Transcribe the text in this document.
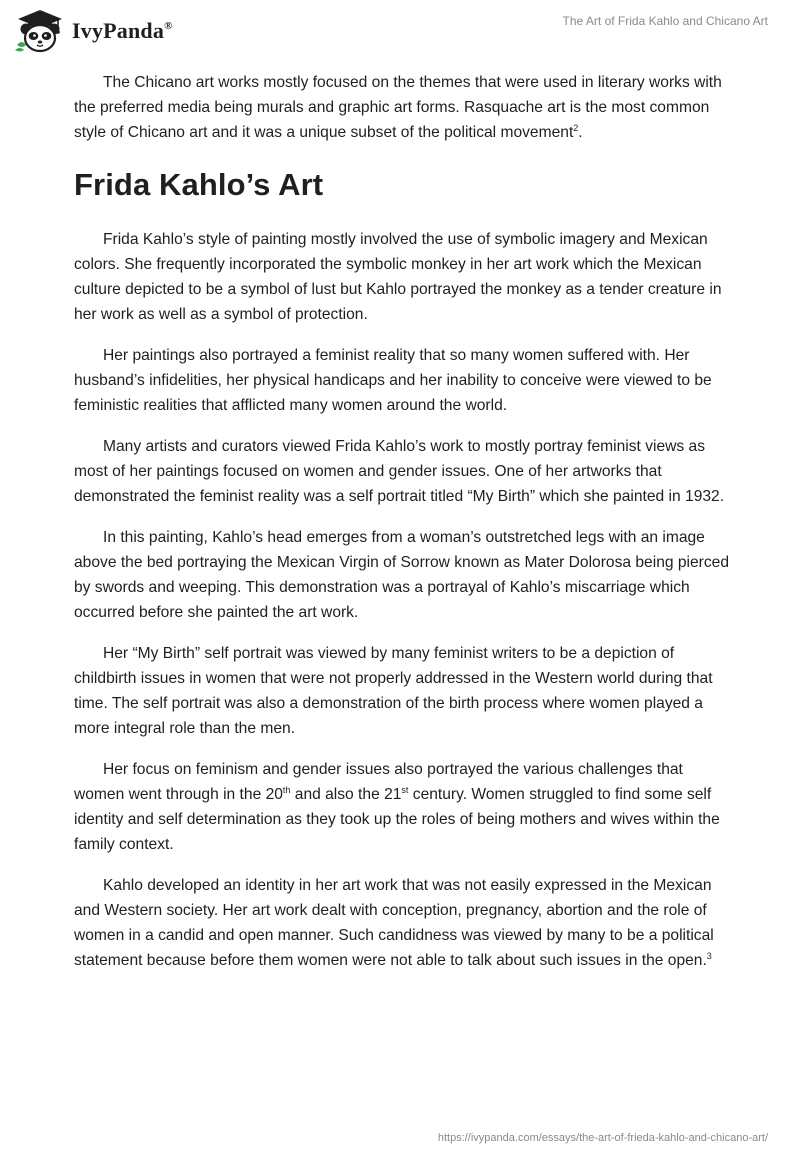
IvyPanda®	The Art of Frida Kahlo and Chicano Art

The Chicano art works mostly focused on the themes that were used in literary works with the preferred media being murals and graphic art forms. Rasquache art is the most common style of Chicano art and it was a unique subset of the political movement$^2$.

Frida Kahlo’s Art

Frida Kahlo’s style of painting mostly involved the use of symbolic imagery and Mexican colors. She frequently incorporated the symbolic monkey in her art work which the Mexican culture depicted to be a symbol of lust but Kahlo portrayed the monkey as a tender creature in her work as well as a symbol of protection.

Her paintings also portrayed a feminist reality that so many women suffered with. Her husband’s infidelities, her physical handicaps and her inability to conceive were viewed to be feministic realities that afflicted many women around the world.

Many artists and curators viewed Frida Kahlo’s work to mostly portray feminist views as most of her paintings focused on women and gender issues. One of her artworks that demonstrated the feminist reality was a self portrait titled “My Birth” which she painted in 1932.

In this painting, Kahlo’s head emerges from a woman’s outstretched legs with an image above the bed portraying the Mexican Virgin of Sorrow known as Mater Dolorosa being pierced by swords and weeping. This demonstration was a portrayal of Kahlo’s miscarriage which occurred before she painted the art work.

Her “My Birth” self portrait was viewed by many feminist writers to be a depiction of childbirth issues in women that were not properly addressed in the Western world during that time. The self portrait was also a demonstration of the birth process where women played a more integral role than the men.

Her focus on feminism and gender issues also portrayed the various challenges that women went through in the 20th and also the 21st century. Women struggled to find some self identity and self determination as they took up the roles of being mothers and wives within the family context.

Kahlo developed an identity in her art work that was not easily expressed in the Mexican and Western society. Her art work dealt with conception, pregnancy, abortion and the role of women in a candid and open manner. Such candidness was viewed by many to be a political statement because before them women were not able to talk about such issues in the open.$^3$

https://ivypanda.com/essays/the-art-of-frieda-kahlo-and-chicano-art/
